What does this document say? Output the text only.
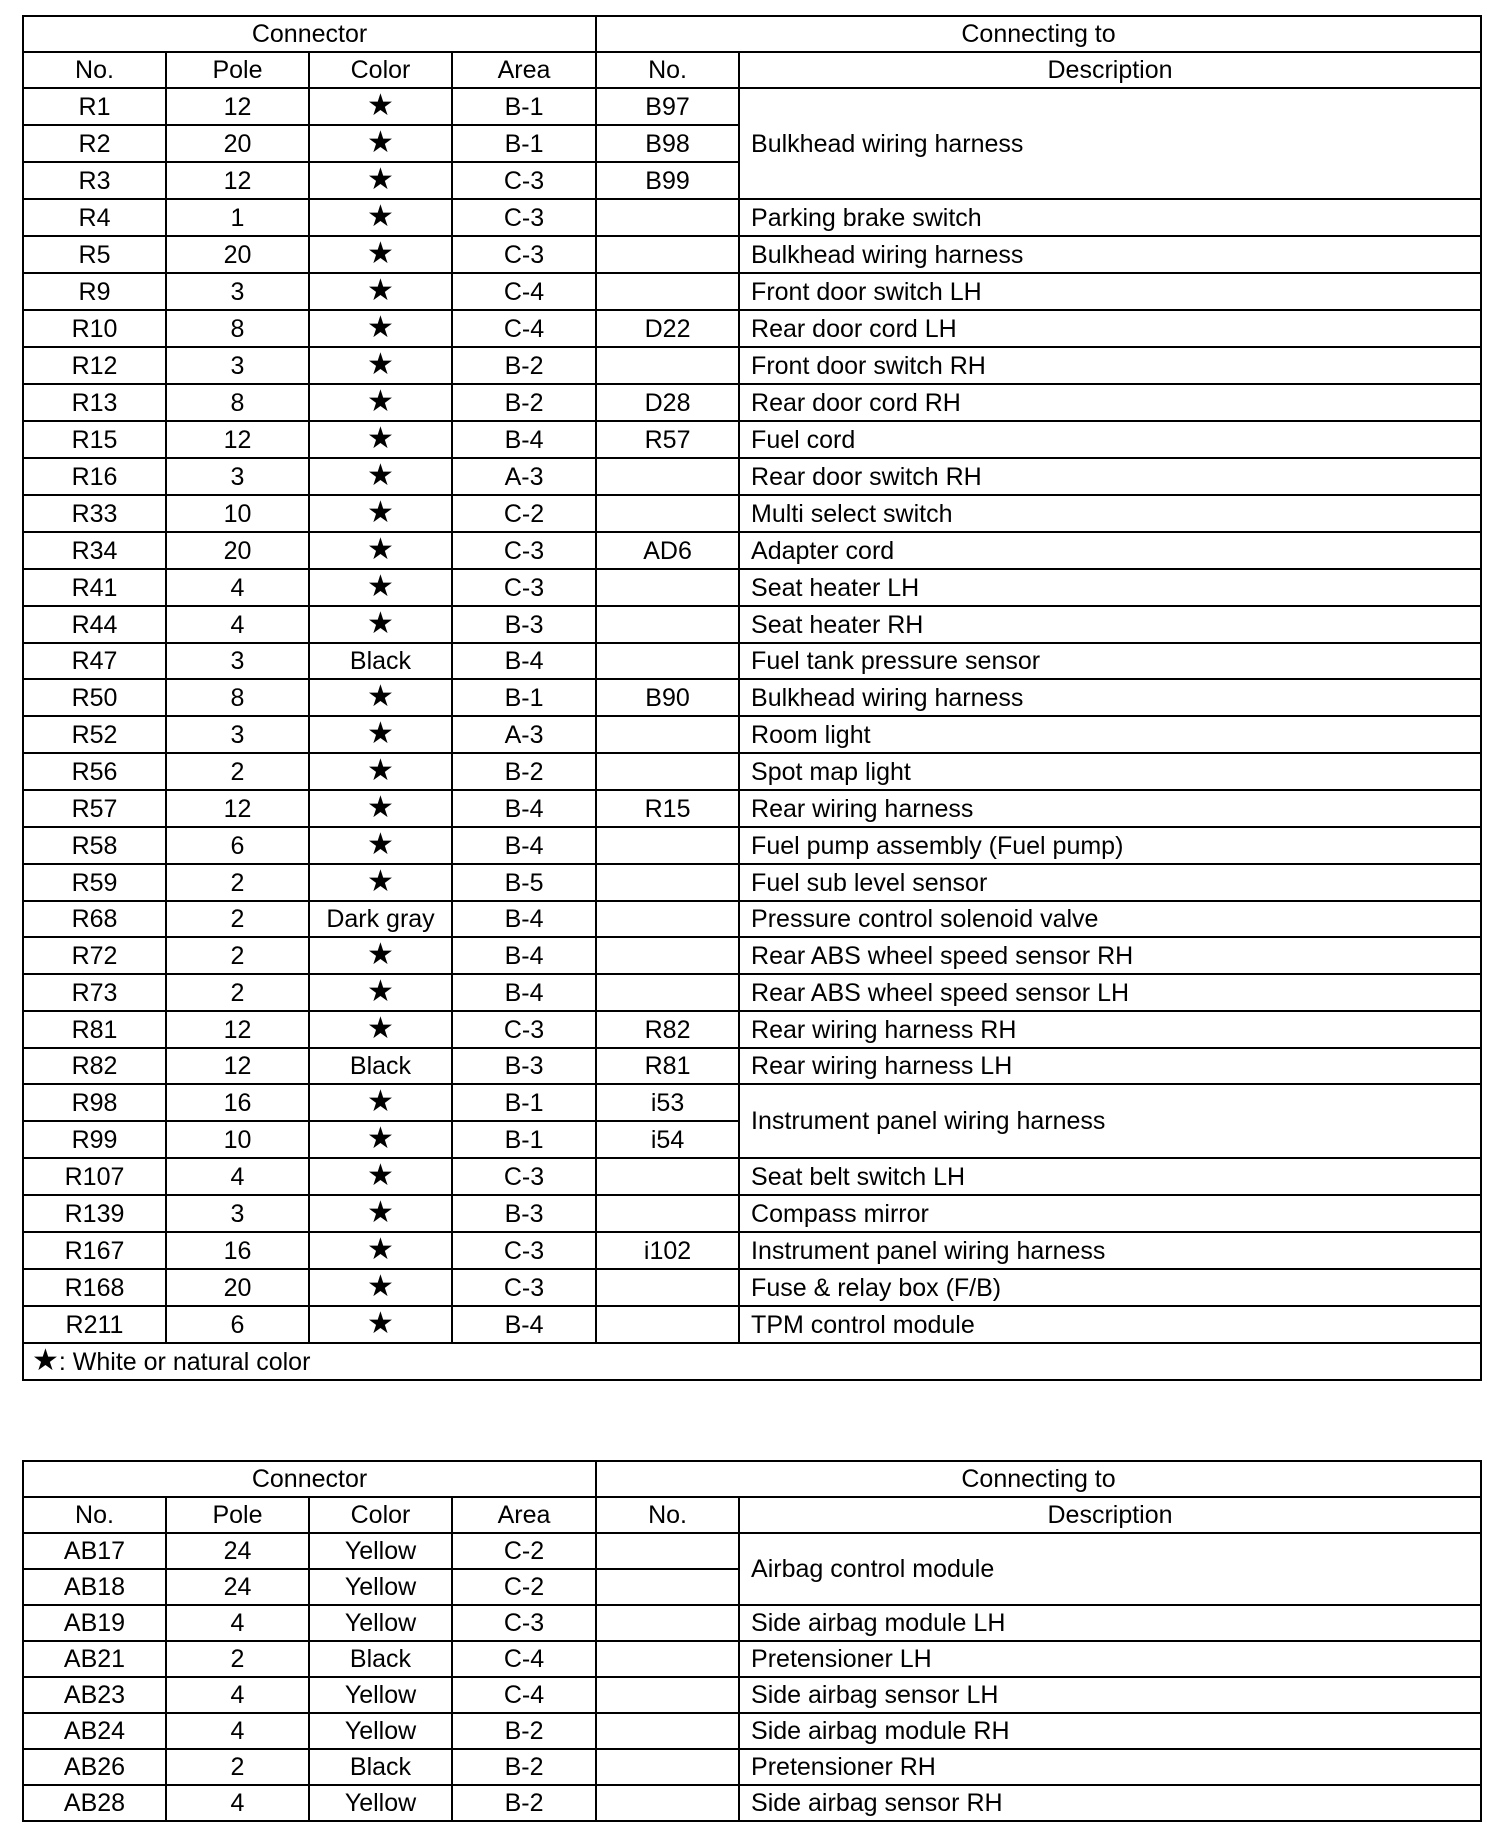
Connector				Connecting to	
No.	Pole	Color	Area	No.	Description
R1	12	★	B-1	B97	Bulkhead wiring harness
R2	20	★	B-1	B98	
R3	12	★	C-3	B99	
R4	1	★	C-3		Parking brake switch
R5	20	★	C-3		Bulkhead wiring harness
R9	3	★	C-4		Front door switch LH
R10	8	★	C-4	D22	Rear door cord LH
R12	3	★	B-2		Front door switch RH
R13	8	★	B-2	D28	Rear door cord RH
R15	12	★	B-4	R57	Fuel cord
R16	3	★	A-3		Rear door switch RH
R33	10	★	C-2		Multi select switch
R34	20	★	C-3	AD6	Adapter cord
R41	4	★	C-3		Seat heater LH
R44	4	★	B-3		Seat heater RH
R47	3	Black	B-4		Fuel tank pressure sensor
R50	8	★	B-1	B90	Bulkhead wiring harness
R52	3	★	A-3		Room light
R56	2	★	B-2		Spot map light
R57	12	★	B-4	R15	Rear wiring harness
R58	6	★	B-4		Fuel pump assembly (Fuel pump)
R59	2	★	B-5		Fuel sub level sensor
R68	2	Dark gray	B-4		Pressure control solenoid valve
R72	2	★	B-4		Rear ABS wheel speed sensor RH
R73	2	★	B-4		Rear ABS wheel speed sensor LH
R81	12	★	C-3	R82	Rear wiring harness RH
R82	12	Black	B-3	R81	Rear wiring harness LH
R98	16	★	B-1	i53	Instrument panel wiring harness
R99	10	★	B-1	i54	
R107	4	★	C-3		Seat belt switch LH
R139	3	★	B-3		Compass mirror
R167	16	★	C-3	i102	Instrument panel wiring harness
R168	20	★	C-3		Fuse & relay box (F/B)
R211	6	★	B-4		TPM control module
★: White or natural color					
Connector				Connecting to	
No.	Pole	Color	Area	No.	Description
AB17	24	Yellow	C-2		Airbag control module
AB18	24	Yellow	C-2		
AB19	4	Yellow	C-3		Side airbag module LH
AB21	2	Black	C-4		Pretensioner LH
AB23	4	Yellow	C-4		Side airbag sensor LH
AB24	4	Yellow	B-2		Side airbag module RH
AB26	2	Black	B-2		Pretensioner RH
AB28	4	Yellow	B-2		Side airbag sensor RH
